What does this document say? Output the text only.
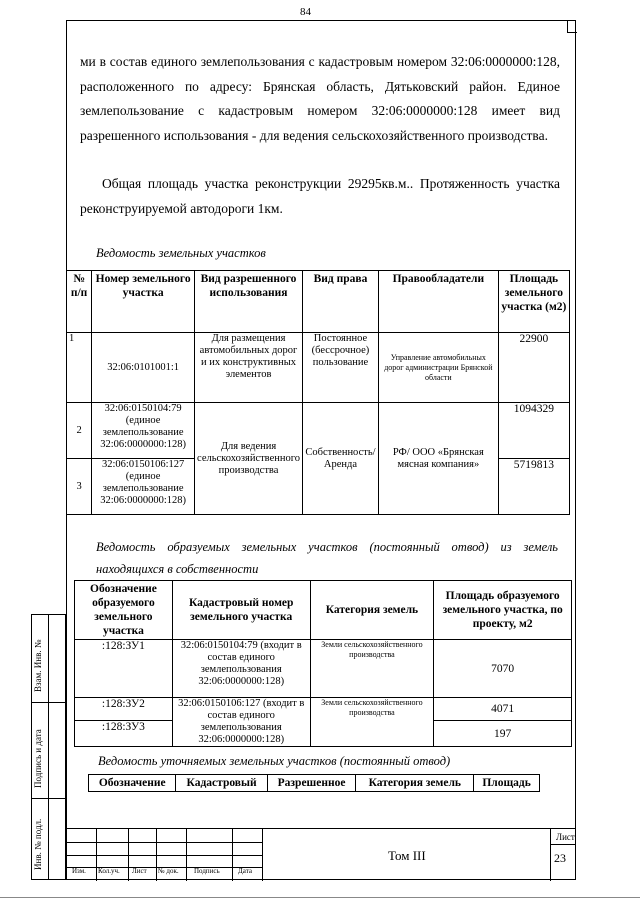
84
ми в состав единого землепользования с кадастровым номером 32:06:0000000:128, расположенного по адресу: Брянская область, Дятьковский район. Единое землепользование с кадастровым номером 32:06:0000000:128 имеет вид разрешенного использования - для ведения сельскохозяйственного производства.
Общая площадь участка реконструкции 29295кв.м.. Протяженность участка реконструируемой автодороги 1км.
Ведомость земельных участков
№ п/п	Номер земельного участка	Вид разрешенного использования	Вид права	Правообладатели	Площадь земельного участка (м2)
1	32:06:0101001:1	Для размещения автомобильных дорог и их конструктивных элементов	Постоянное (бессрочное) пользование	Управление автомобильных дорог администрации Брянской области	22900
2	32:06:0150104:79 (единое землепользование 32:06:0000000:128)	Для ведения сельскохозяйственного производства	Собственность/ Аренда	РФ/ ООО «Брянская мясная компания»	1094329
3	32:06:0150106:127 (единое землепользование 32:06:0000000:128)				5719813
Ведомость образуемых земельных участков (постоянный отвод) из земель находящихся в собственности
Обозначение образуемого земельного участка	Кадастровый номер земельного участка	Категория земель	Площадь образуемого земельного участка, по проекту, м2
:128:ЗУ1	32:06:0150104:79 (входит в состав единого землепользования 32:06:0000000:128)	Земли сельскохозяйственного производства	7070
:128:ЗУ2	32:06:0150106:127 (входит в состав единого землепользования 32:06:0000000:128)	Земли сельскохозяйственного производства	4071
:128:ЗУ3			197
Ведомость уточняемых земельных участков (постоянный отвод)
Обозначение	Кадастровый	Разрешенное	Категория земель	Площадь
Взам. Инв. №
Подпись и дата
Инв. № подл.
Изм. Кол.уч. Лист № док. Подпись	Дата
Том III
Лист
23
